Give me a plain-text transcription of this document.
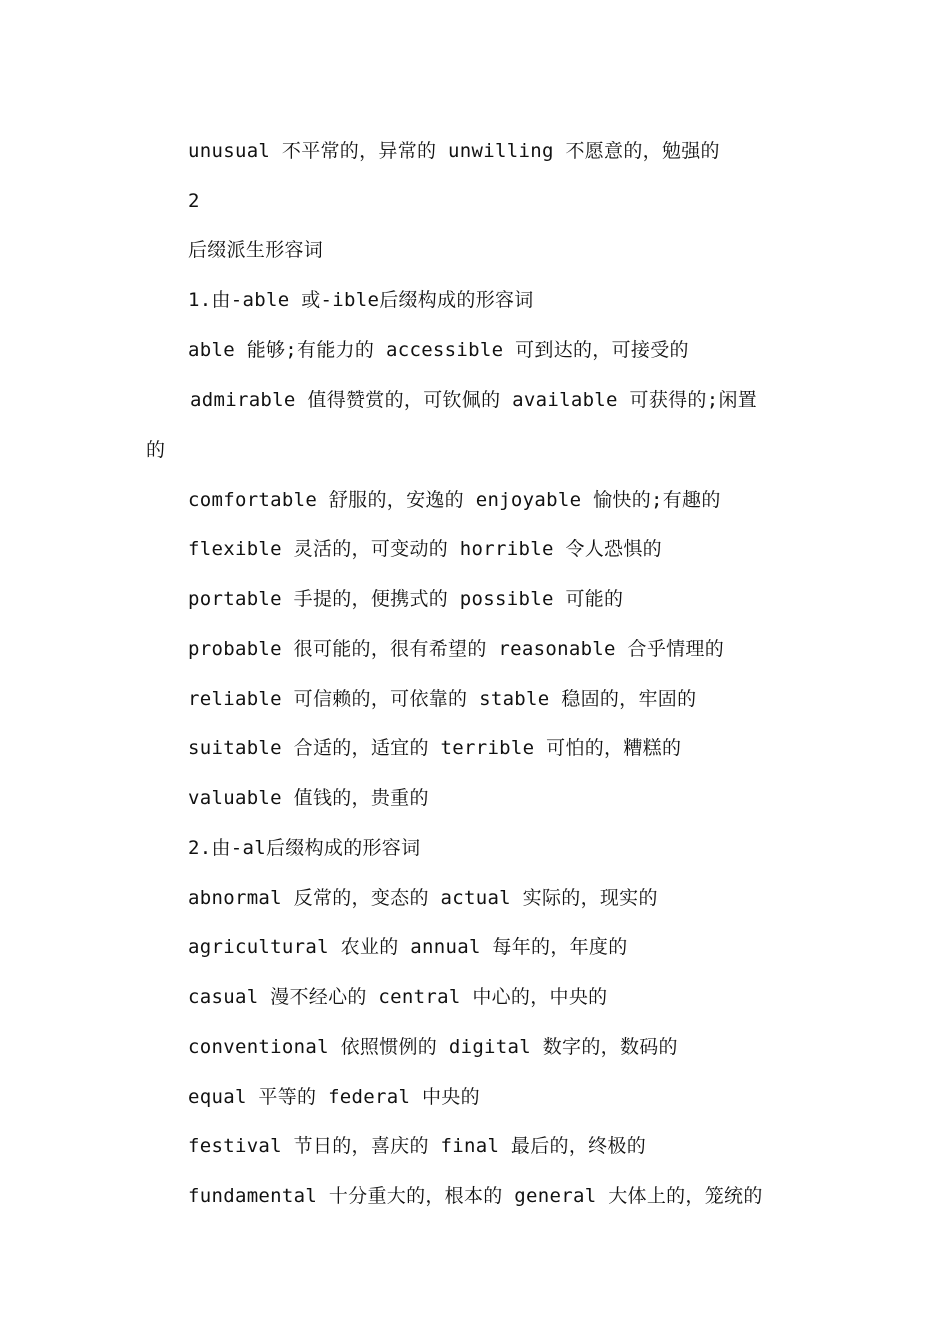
unusual 不平常的，异常的 unwilling 不愿意的，勉强的
2
后缀派生形容词
1.由-able 或-ible后缀构成的形容词
able 能够;有能力的 accessible 可到达的，可接受的
admirable 值得赞赏的，可钦佩的 available 可获得的;闲置
的
comfortable 舒服的，安逸的 enjoyable 愉快的;有趣的
flexible 灵活的，可变动的 horrible 令人恐惧的
portable 手提的，便携式的 possible 可能的
probable 很可能的，很有希望的 reasonable 合乎情理的
reliable 可信赖的，可依靠的 stable 稳固的，牢固的
suitable 合适的，适宜的 terrible 可怕的，糟糕的
valuable 值钱的，贵重的
2.由-al后缀构成的形容词
abnormal 反常的，变态的 actual 实际的，现实的
agricultural 农业的 annual 每年的，年度的
casual 漫不经心的 central 中心的，中央的
conventional 依照惯例的 digital 数字的，数码的
equal 平等的 federal 中央的
festival 节日的，喜庆的 final 最后的，终极的
fundamental 十分重大的，根本的 general 大体上的，笼统的
